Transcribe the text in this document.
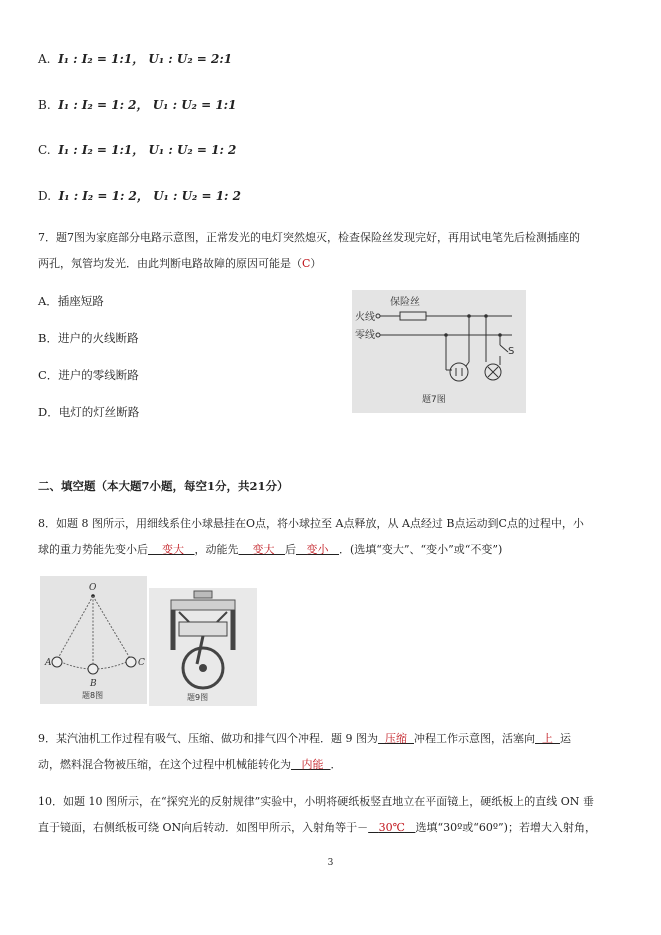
A. I₁ : I₂ = 1:1， U₁ : U₂ = 2:1
B. I₁ : I₂ = 1: 2， U₁ : U₂ = 1:1
C. I₁ : I₂ = 1:1， U₁ : U₂ = 1: 2
D. I₁ : I₂ = 1: 2， U₁ : U₂ = 1: 2
7．题7图为家庭部分电路示意图，正常发光的电灯突然熄灭，检查保险丝发现完好，再用试电笔先后检测插座的
两孔，氖管均发光．由此判断电路故障的原因可能是（C）
A．插座短路
B．进户的火线断路
C．进户的零线断路
D．电灯的灯丝断路
火线
零线
保险丝
S
题7图
二、填空题（本大题7小题，每空1分，共21分）
8．如题 8 图所示，用细线系住小球悬挂在O点，将小球拉至 A点释放，从 A点经过 B点运动到C点的过程中，小
球的重力势能先变小后 变大 ，动能先 变大 后 变小 ．(选填“变大”、“变小”或“不变”)
O
A
B
C
题8图	题9图
9．某汽油机工作过程有吸气、压缩、做功和排气四个冲程．题 9 图为 压缩 冲程工作示意图，活塞向 上 运
动，燃料混合物被压缩，在这个过程中机械能转化为 内能 ．
10．如题 10 图所示，在“探究光的反射规律”实验中，小明将硬纸板竖直地立在平面镜上，硬纸板上的直线 ON 垂
直于镜面，右侧纸板可绕 ON向后转动．如图甲所示，入射角等于－ 30℃ 选填“30º或“60º”)；若增大入射角，
3
